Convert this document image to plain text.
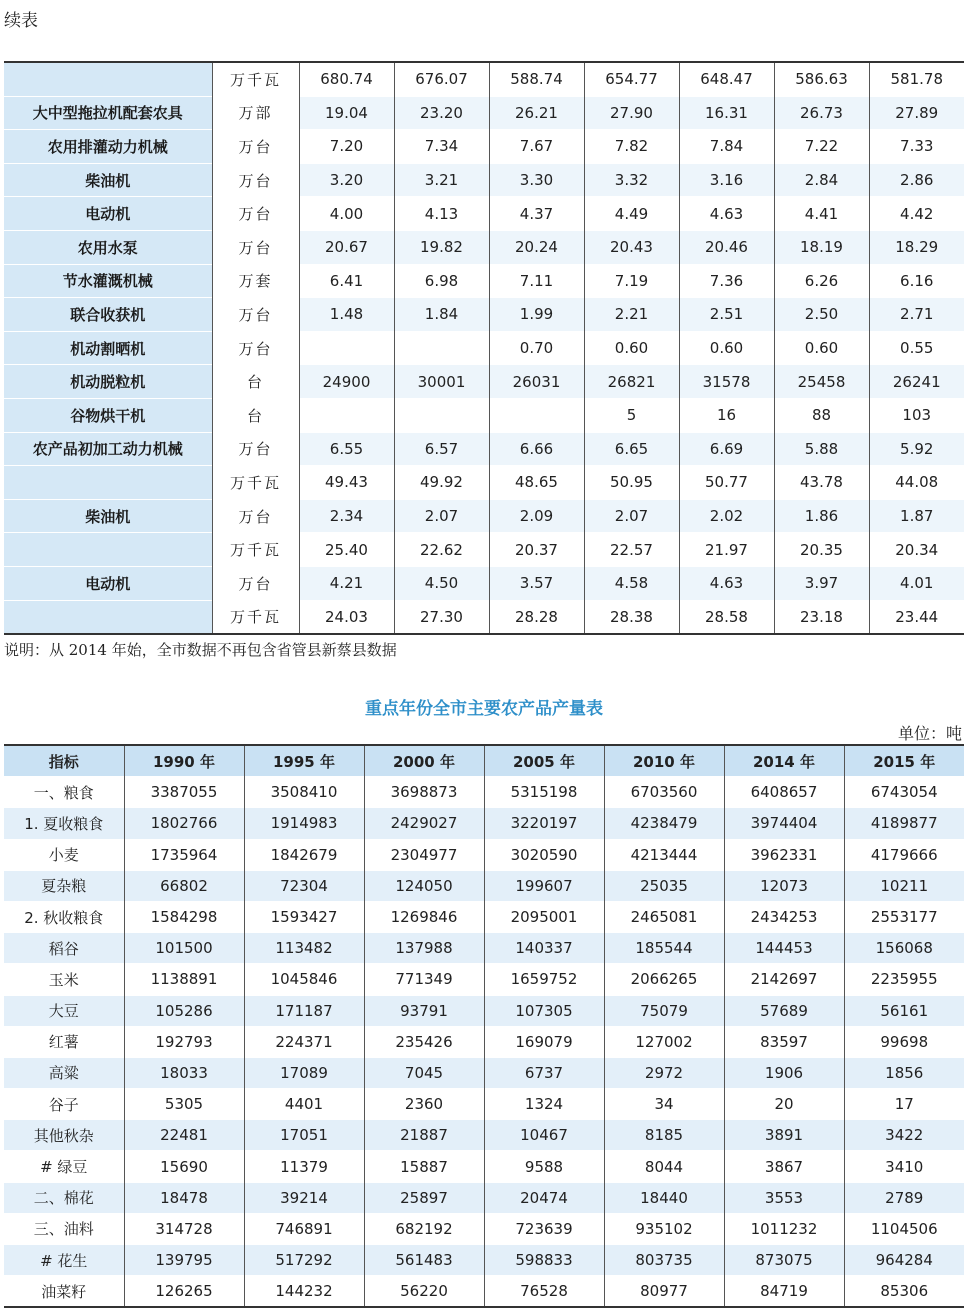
续表
	万千瓦	680.74	676.07	588.74	654.77	648.47	586.63	581.78
大中型拖拉机配套农具	万部	19.04	23.20	26.21	27.90	16.31	26.73	27.89
农用排灌动力机械	万台	7.20	7.34	7.67	7.82	7.84	7.22	7.33
柴油机	万台	3.20	3.21	3.30	3.32	3.16	2.84	2.86
电动机	万台	4.00	4.13	4.37	4.49	4.63	4.41	4.42
农用水泵	万台	20.67	19.82	20.24	20.43	20.46	18.19	18.29
节水灌溉机械	万套	6.41	6.98	7.11	7.19	7.36	6.26	6.16
联合收获机	万台	1.48	1.84	1.99	2.21	2.51	2.50	2.71
机动割晒机	万台			0.70	0.60	0.60	0.60	0.55
机动脱粒机	台	24900	30001	26031	26821	31578	25458	26241
谷物烘干机	台				5	16	88	103
农产品初加工动力机械	万台	6.55	6.57	6.66	6.65	6.69	5.88	5.92
	万千瓦	49.43	49.92	48.65	50.95	50.77	43.78	44.08
柴油机	万台	2.34	2.07	2.09	2.07	2.02	1.86	1.87
	万千瓦	25.40	22.62	20.37	22.57	21.97	20.35	20.34
电动机	万台	4.21	4.50	3.57	4.58	4.63	3.97	4.01
	万千瓦	24.03	27.30	28.28	28.38	28.58	23.18	23.44
说明：从 2014 年始，全市数据不再包含省管县新蔡县数据
重点年份全市主要农产品产量表
单位：吨
指标	1990 年	1995 年	2000 年	2005 年	2010 年	2014 年	2015 年
一、粮食	3387055	3508410	3698873	5315198	6703560	6408657	6743054
1. 夏收粮食	1802766	1914983	2429027	3220197	4238479	3974404	4189877
小麦	1735964	1842679	2304977	3020590	4213444	3962331	4179666
夏杂粮	66802	72304	124050	199607	25035	12073	10211
2. 秋收粮食	1584298	1593427	1269846	2095001	2465081	2434253	2553177
稻谷	101500	113482	137988	140337	185544	144453	156068
玉米	1138891	1045846	771349	1659752	2066265	2142697	2235955
大豆	105286	171187	93791	107305	75079	57689	56161
红薯	192793	224371	235426	169079	127002	83597	99698
高粱	18033	17089	7045	6737	2972	1906	1856
谷子	5305	4401	2360	1324	34	20	17
其他秋杂	22481	17051	21887	10467	8185	3891	3422
# 绿豆	15690	11379	15887	9588	8044	3867	3410
二、棉花	18478	39214	25897	20474	18440	3553	2789
三、油料	314728	746891	682192	723639	935102	1011232	1104506
# 花生	139795	517292	561483	598833	803735	873075	964284
油菜籽	126265	144232	56220	76528	80977	84719	85306
